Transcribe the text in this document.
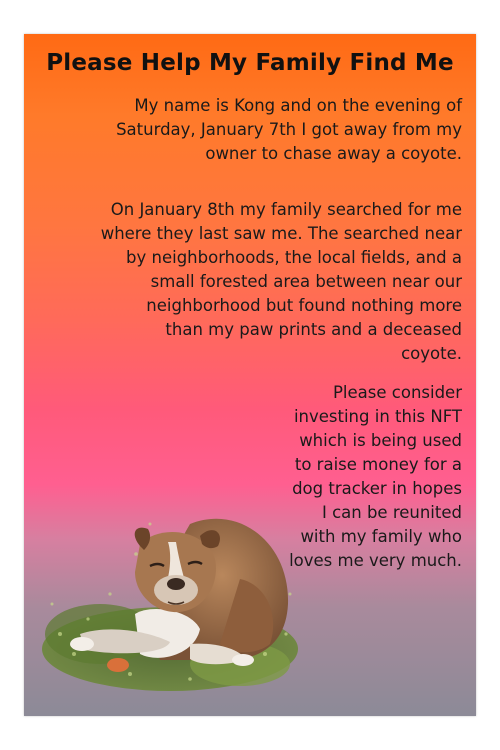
Please Help My Family Find Me
My name is Kong and on the evening of
Saturday, January 7th I got away from my
owner to chase away a coyote.
On January 8th my family searched for me
where they last saw me. The searched near
by neighborhoods, the local fields, and a
small forested area between near our
neighborhood but found nothing more
than my paw prints and a deceased
coyote.
Please consider
investing in this NFT
which is being used
to raise money for a
dog tracker in hopes
I can be reunited
with my family who
loves me very much.
